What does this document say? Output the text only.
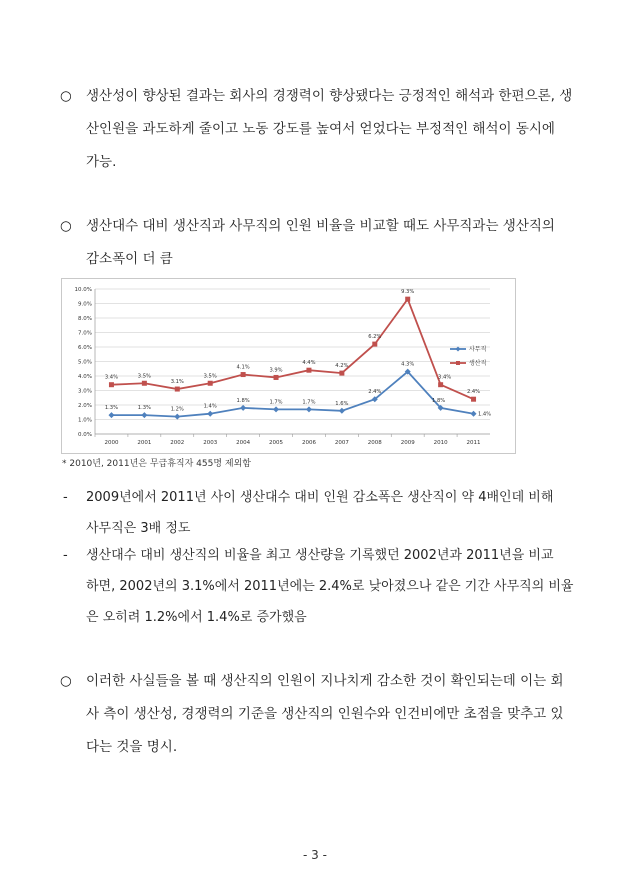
○ 생산성이 향상된 결과는 회사의 경쟁력이 향상됐다는 긍정적인 해석과 한편으론, 생
산인원을 과도하게 줄이고 노동 강도를 높여서 얻었다는 부정적인 해석이 동시에
가능.
○ 생산대수 대비 생산직과 사무직의 인원 비율을 비교할 때도 사무직과는 생산직의
감소폭이 더 큼
0.0%
1.0%
2.0%
3.0%
4.0%
5.0%
6.0%
7.0%
8.0%
9.0%
10.0%
2000	2001	2002	2003	2004	2005	2006	2007	2008	2009	2010	2011
1.3%	1.3%	1.2%	1.4%
1.8%	1.7%	1.7%	1.6%
2.4%
4.3%
1.8%
1.4%
3.4%	3.5%
3.1%
3.5%
4.1%	3.9%
4.4%	4.2%
6.2%
9.3%
3.4%
2.4%
사무직
생산직
* 2010년, 2011년은 무급휴직자 455명 제외함
- 2009년에서 2011년 사이 생산대수 대비 인원 감소폭은 생산직이 약 4배인데 비해
사무직은 3배 정도
- 생산대수 대비 생산직의 비율을 최고 생산량을 기록했던 2002년과 2011년을 비교
하면, 2002년의 3.1%에서 2011년에는 2.4%로 낮아졌으나 같은 기간 사무직의 비율
은 오히려 1.2%에서 1.4%로 증가했음
○ 이러한 사실들을 볼 때 생산직의 인원이 지나치게 감소한 것이 확인되는데 이는 회
사 측이 생산성, 경쟁력의 기준을 생산직의 인원수와 인건비에만 초점을 맞추고 있
다는 것을 명시.
- 3 -
